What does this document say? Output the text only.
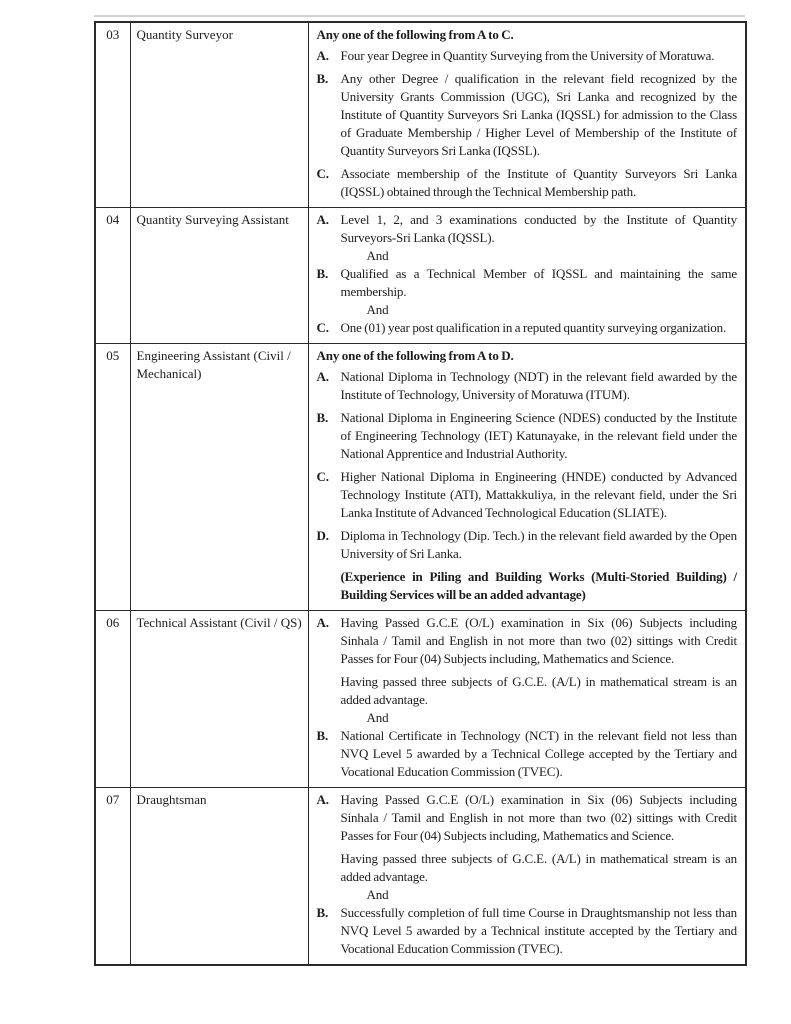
03	Quantity Surveyor	Any one of the following from A to C.
A. Four year Degree in Quantity Surveying from the University of Moratuwa.

B. Any other Degree / qualification in the relevant field recognized by the University Grants Commission (UGC), Sri Lanka and recognized by the Institute of Quantity Surveyors Sri Lanka (IQSSL) for admission to the Class of Graduate Membership / Higher Level of Membership of the Institute of Quantity Surveyors Sri Lanka (IQSSL).

C. Associate membership of the Institute of Quantity Surveyors Sri Lanka (IQSSL) obtained through the Technical Membership path.

04	Quantity Surveying Assistant	A. Level 1, 2, and 3 examinations conducted by the Institute of Quantity Surveyors-Sri Lanka (IQSSL).

And
B. Qualified as a Technical Member of IQSSL and maintaining the same membership.

And
C. One (01) year post qualification in a reputed quantity surveying organization.

05	Engineering Assistant (Civil / Mechanical)	
Any one of the following from A to D.
A. National Diploma in Technology (NDT) in the relevant field awarded by the Institute of Technology, University of Moratuwa (ITUM).

B. National Diploma in Engineering Science (NDES) conducted by the Institute of Engineering Technology (IET) Katunayake, in the relevant field under the National Apprentice and Industrial Authority.

C. Higher National Diploma in Engineering (HNDE) conducted by Advanced Technology Institute (ATI), Mattakkuliya, in the relevant field, under the Sri Lanka Institute of Advanced Technological Education (SLIATE).

D. Diploma in Technology (Dip. Tech.) in the relevant field awarded by the Open University of Sri Lanka.

(Experience in Piling and Building Works (Multi-Storied Building) / Building Services will be an added advantage)

06	Technical Assistant (Civil / QS)	A. Having Passed G.C.E (O/L) examination in Six (06) Subjects including Sinhala / Tamil and English in not more than two (02) sittings with Credit Passes for Four (04) Subjects including, Mathematics and Science.

Having passed three subjects of G.C.E. (A/L) in mathematical stream is an added advantage.

And
B. National Certificate in Technology (NCT) in the relevant field not less than NVQ Level 5 awarded by a Technical College accepted by the Tertiary and Vocational Education Commission (TVEC).

07	Draughtsman	A. Having Passed G.C.E (O/L) examination in Six (06) Subjects including Sinhala / Tamil and English in not more than two (02) sittings with Credit Passes for Four (04) Subjects including, Mathematics and Science.

Having passed three subjects of G.C.E. (A/L) in mathematical stream is an added advantage.

And
B. Successfully completion of full time Course in Draughtsmanship not less than NVQ Level 5 awarded by a Technical institute accepted by the Tertiary and Vocational Education Commission (TVEC).
